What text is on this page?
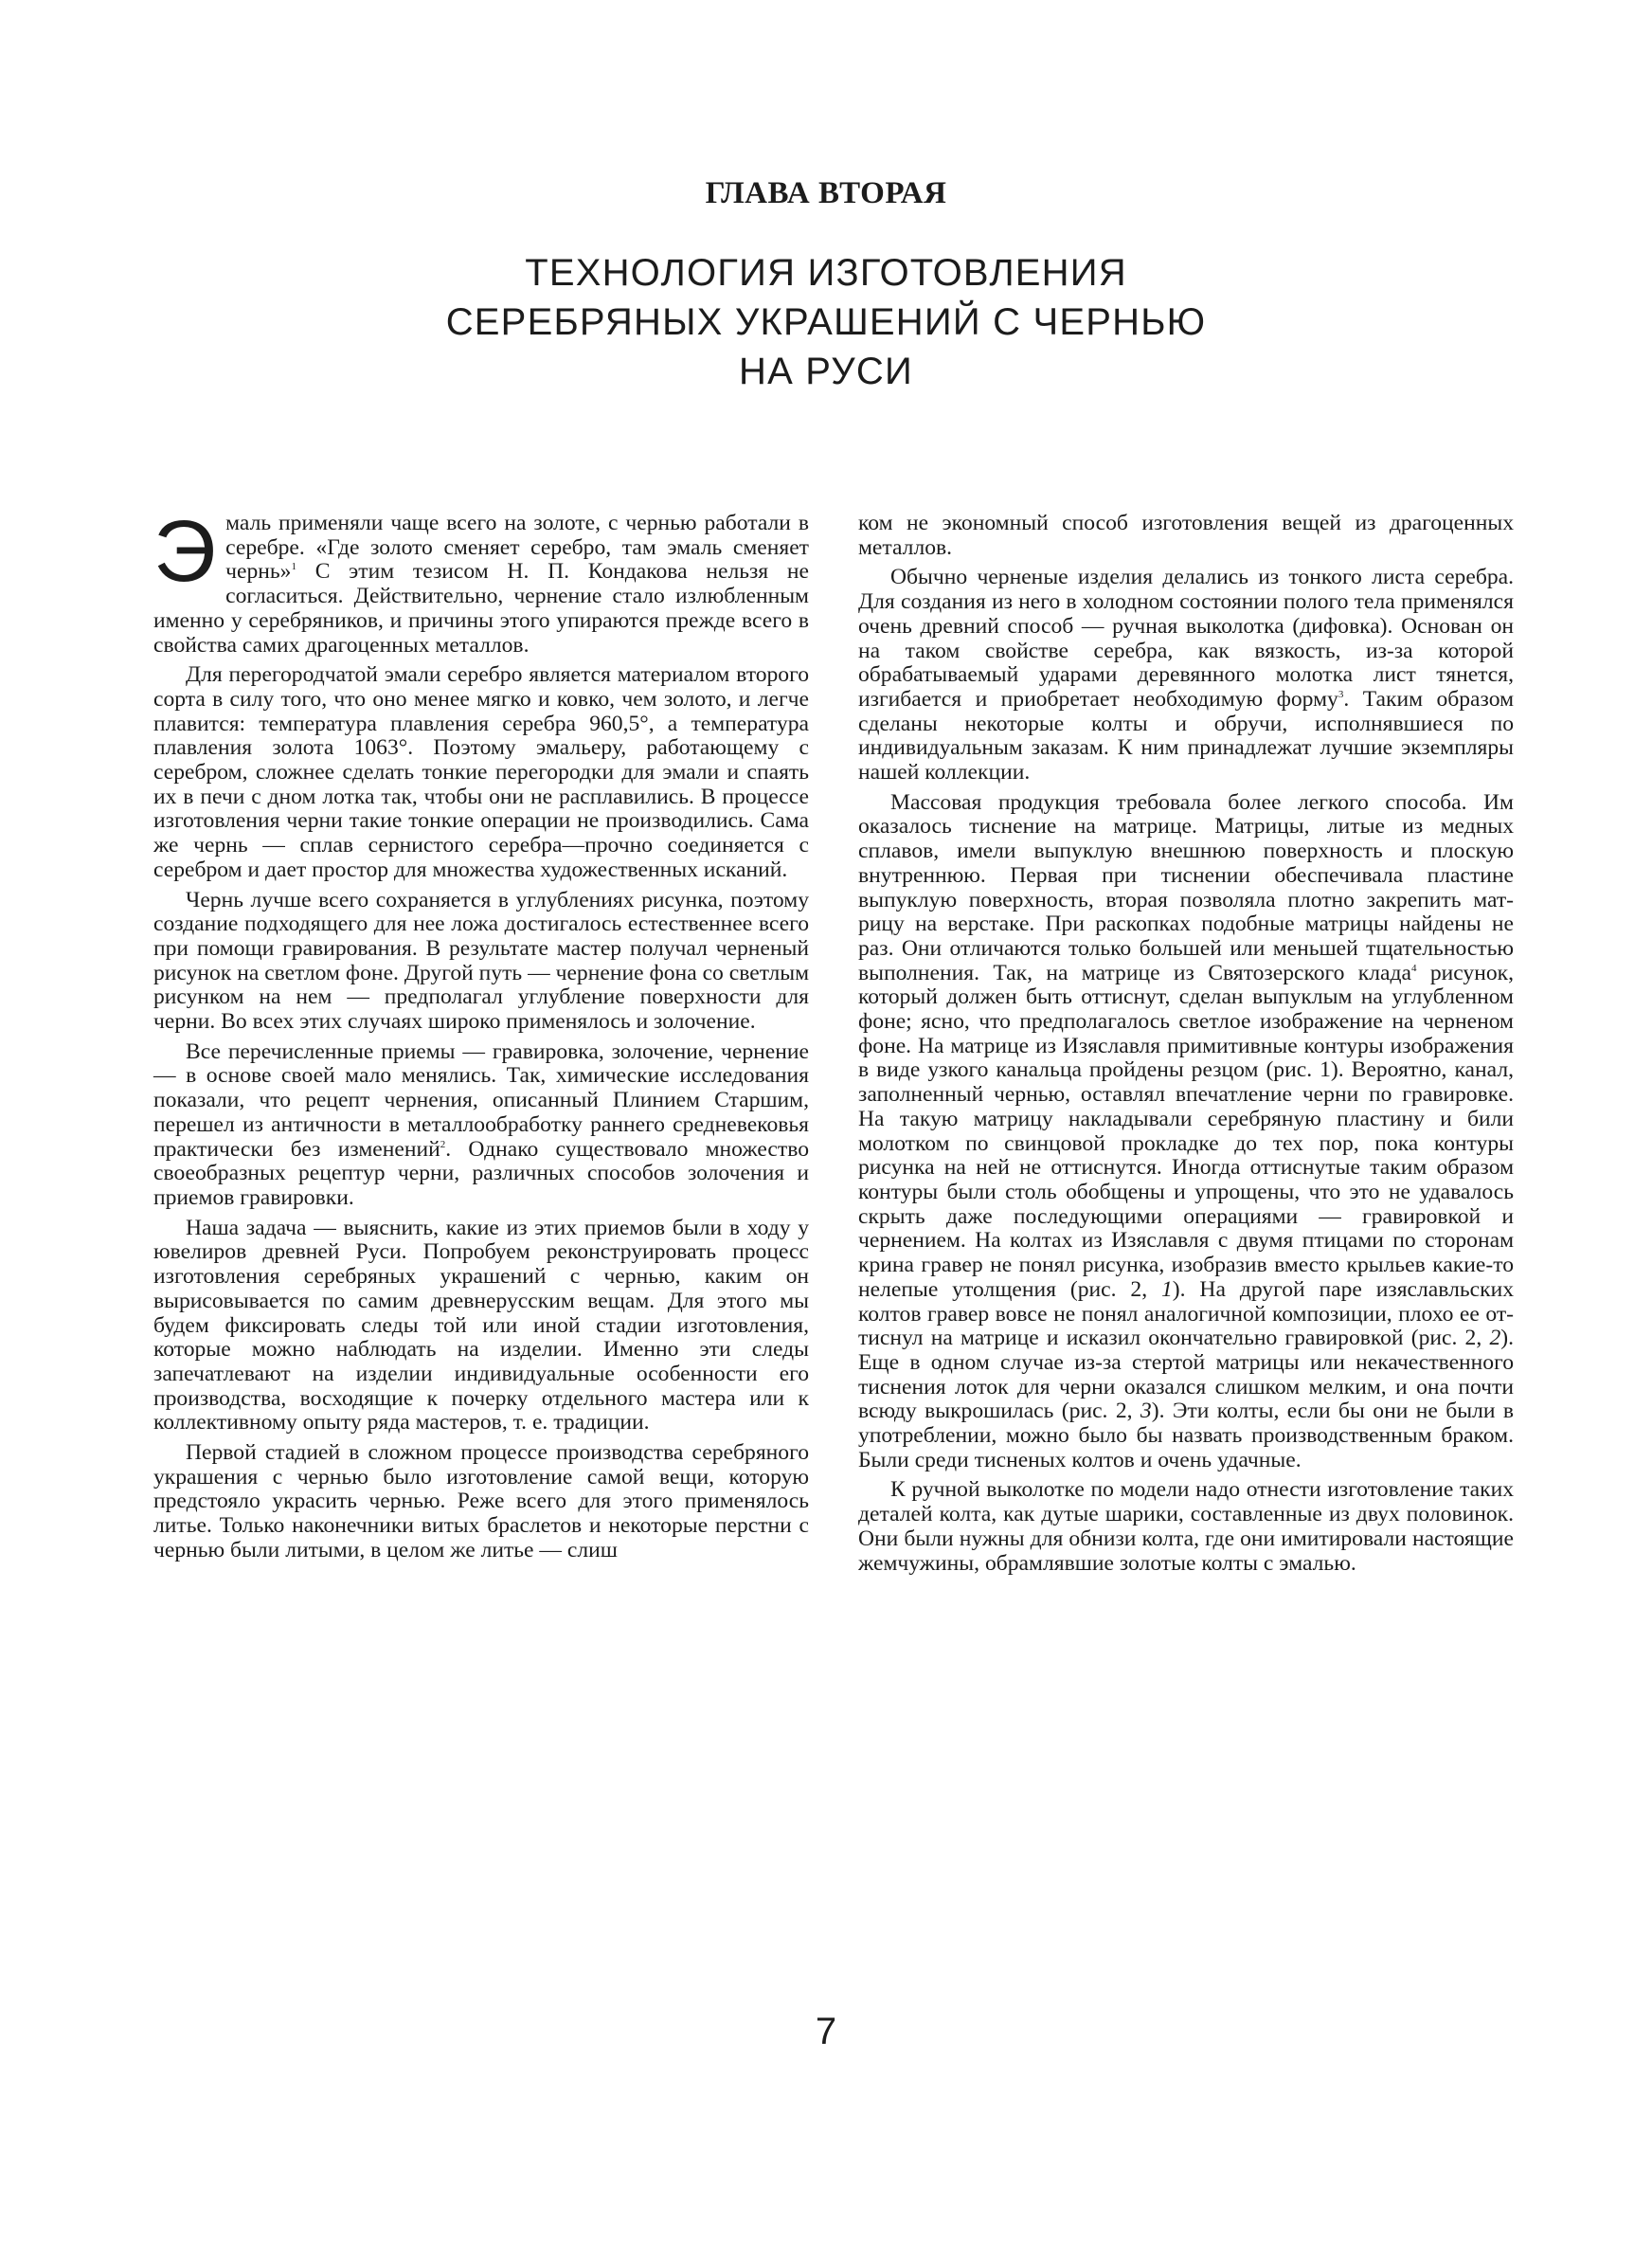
ГЛАВА ВТОРАЯ
ТЕХНОЛОГИЯ ИЗГОТОВЛЕНИЯ
СЕРЕБРЯНЫХ УКРАШЕНИЙ С ЧЕРНЬЮ
НА РУСИ

Эмаль применяли чаще всего на золоте, с чернью работали в серебре. «Где золото сменяет серебро, там эмаль сменяет чернь»$^1$ С этим тезисом Н. П. Кондакова нельзя не согласиться. Действительно, чернение стало излюбленным именно у серебряников, и причины этого упираются прежде всего в свойства самих драгоценных металлов.

Для перегородчатой эмали серебро является материалом второго сорта в силу того, что оно менее мягко и ковко, чем золото, и легче плавится: температура плавления серебра 960,5°, а температура плавления золота 1063°. Поэтому эмальеру, работающему с серебром, сложнее сделать тонкие перегородки для эмали и спаять их в печи с дном лотка так, чтобы они не расплавились. В процессе изготовления черни такие тонкие операции не производились. Сама же чернь — сплав сернистого серебра—прочно соединяется с серебром и дает простор для множества художественных исканий.

Чернь лучше всего сохраняется в углублениях рисунка, поэтому создание подходящего для нее ложа достигалось естественнее всего при помощи гравирования. В результате мастер получал черненый рисунок на светлом фоне. Другой путь — чернение фона со светлым рисунком на нем — предполагал углубление поверхности для черни. Во всех этих случаях широко применялось и золочение.

Все перечисленные приемы — гравировка, золочение, чернение — в основе своей мало менялись. Так, химические исследования показали, что рецепт чернения, описанный Плинием Старшим, перешел из античности в металлообработку раннего средневековья практически без изменений$^2$. Однако существовало множество своеобразных рецептур черни, различных способов золочения и приемов гравировки.

Наша задача — выяснить, какие из этих приемов были в ходу у ювелиров древней Руси. Попробуем реконструировать процесс изготовления серебряных украшений с чернью, каким он вырисовывается по самим древнерусским вещам. Для этого мы будем фиксировать следы той или иной стадии изготовления, которые можно наблюдать на изделии. Именно эти следы запечатлевают на изделии индивидуальные особенности его производства, восходящие к почерку отдельного мастера или к коллективному опыту ряда мастеров, т. е. традиции.

Первой стадией в сложном процессе производства серебряного украшения с чернью было изготовление самой вещи, которую предстояло украсить чернью. Реже всего для этого применялось литье. Только наконечники витых браслетов и некоторые перстни с чернью были литыми, в целом же литье — слиш

ком не экономный способ изготовления вещей из драгоценных металлов.

Обычно черненые изделия делались из тонкого листа серебра. Для создания из него в холодном состоянии полого тела применялся очень древний способ — ручная выколотка (дифовка). Основан он на таком свойстве серебра, как вязкость, из-за которой обрабатываемый ударами деревянного молотка лист тянется, изгибается и приобретает необходимую форму$^3$. Таким образом сделаны некоторые колты и обручи, исполнявшиеся по индивидуальным заказам. К ним принадлежат лучшие экземпляры нашей коллекции.

Массовая продукция требовала более легкого способа. Им оказалось тиснение на матрице. Матрицы, литые из медных сплавов, имели выпуклую внешнюю поверхность и плоскую внутреннюю. Первая при тиснении обеспечивала пластине выпуклую поверхность, вторая позволяла плотно закрепить матрицу на верстаке. При раскопках подобные матрицы найдены не раз. Они отличаются только большей или меньшей тщательностью выполнения. Так, на матрице из Святозерского клада$^4$ рисунок, который должен быть оттиснут, сделан выпуклым на углубленном фоне; ясно, что предполагалось светлое изображение на черненом фоне. На матрице из Изяславля примитивные контуры изображения в виде узкого канальца пройдены резцом (рис. 1). Вероятно, канал, заполненный чернью, оставлял впечатление черни по гравировке. На такую матрицу накладывали серебряную пластину и били молотком по свинцовой прокладке до тех пор, пока контуры рисунка на ней не оттиснутся. Иногда оттиснутые таким образом контуры были столь обобщены и упрощены, что это не удавалось скрыть даже последующими операциями — гравировкой и чернением. На колтах из Изяславля с двумя птицами по сторонам крина гравер не понял рисунка, изобразив вместо крыльев какие-то нелепые утолщения (рис. 2, 1). На другой паре изяславльских колтов гравер вовсе не понял аналогичной композиции, плохо ее оттиснул на матрице и исказил окончательно гравировкой (рис. 2, 2). Еще в одном случае из-за стертой матрицы или некачественного тиснения лоток для черни оказался слишком мелким, и она почти всюду выкрошилась (рис. 2, 3). Эти колты, если бы они не были в употреблении, можно было бы назвать производственным браком. Были среди тисненых колтов и очень удачные.

К ручной выколотке по модели надо отнести изготовление таких деталей колта, как дутые шарики, составленные из двух половинок. Они были нужны для обнизи колта, где они имитировали настоящие жемчужины, обрамлявшие золотые колты с эмалью.

7
